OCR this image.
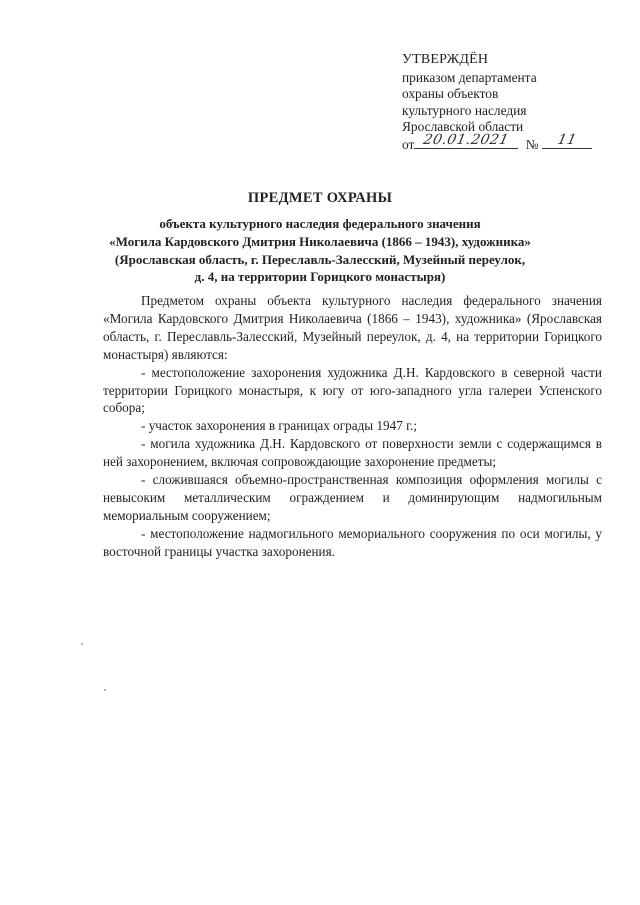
УТВЕРЖДЁН
приказом департамента
охраны объектов
культурного наследия
Ярославской области
от 20.01.2021	№	11
ПРЕДМЕТ ОХРАНЫ
объекта культурного наследия федерального значения
«Могила Кардовского Дмитрия Николаевича (1866 – 1943), художника»
(Ярославская область, г. Переславль-Залесский, Музейный переулок,
д. 4, на территории Горицкого монастыря)

Предметом охраны объекта культурного наследия федерального значения «Могила Кардовского Дмитрия Николаевича (1866 – 1943), художника» (Ярославская область, г. Переславль-Залесский, Музейный переулок, д. 4, на территории Горицкого монастыря) являются:

- местоположение захоронения художника Д.Н. Кардовского в северной части территории Горицкого монастыря, к югу от юго-западного угла галереи Успенского собора;

- участок захоронения в границах ограды 1947 г.;

- могила художника Д.Н. Кардовского от поверхности земли с содержащимся в ней захоронением, включая сопровождающие захоронение предметы;

- сложившаяся объемно-пространственная композиция оформления могилы с невысоким металлическим ограждением и доминирующим надмогильным мемориальным сооружением;

- местоположение надмогильного мемориального сооружения по оси могилы, у восточной границы участка захоронения.
